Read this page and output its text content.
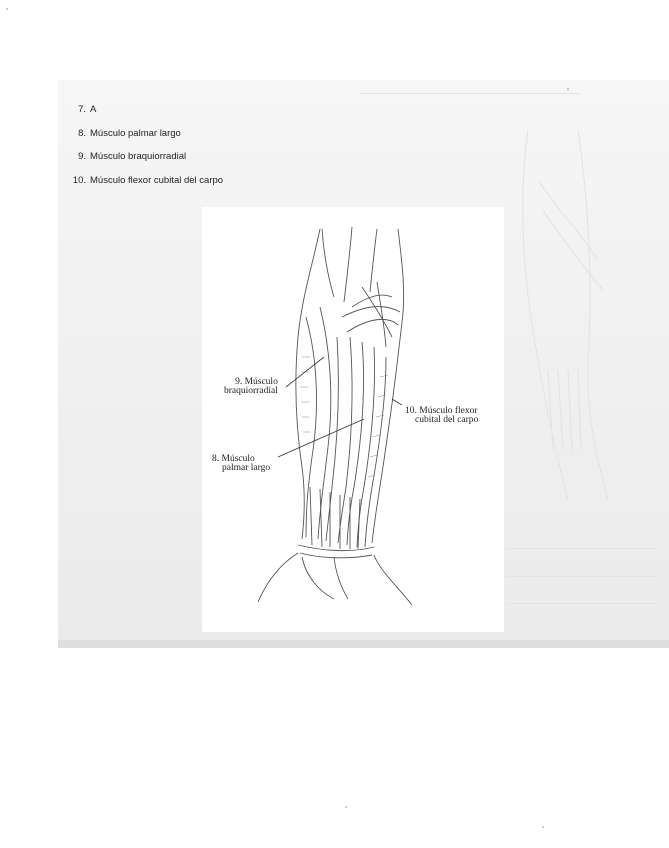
7. A
8. Músculo palmar largo
9. Músculo braquiorradial
10. Músculo flexor cubital del carpo
9. Músculo
braquiorradial
10. Músculo flexor
cubital del carpo
8. Músculo
palmar largo
